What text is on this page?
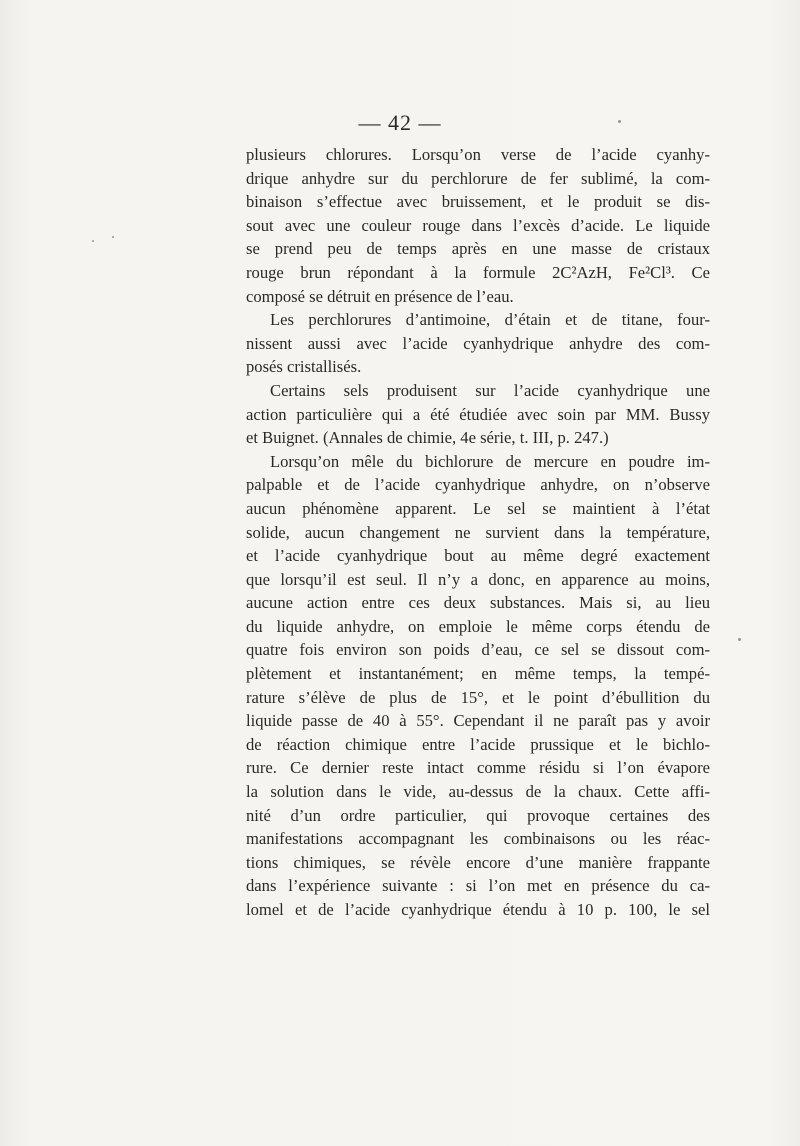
— 42 —
plusieurs chlorures. Lorsqu’on verse de l’acide cyanhy-
drique anhydre sur du perchlorure de fer sublimé, la com-
binaison s’effectue avec bruissement, et le produit se dis-
sout avec une couleur rouge dans l’excès d’acide. Le liquide
se prend peu de temps après en une masse de cristaux
rouge brun répondant à la formule 2C²AzH, Fe²Cl³. Ce
composé se détruit en présence de l’eau.
Les perchlorures d’antimoine, d’étain et de titane, four-
nissent aussi avec l’acide cyanhydrique anhydre des com-
posés cristallisés.
Certains sels produisent sur l’acide cyanhydrique une
action particulière qui a été étudiée avec soin par MM. Bussy
et Buignet. (Annales de chimie, 4e série, t. III, p. 247.)
Lorsqu’on mêle du bichlorure de mercure en poudre im-
palpable et de l’acide cyanhydrique anhydre, on n’observe
aucun phénomène apparent. Le sel se maintient à l’état
solide, aucun changement ne survient dans la température,
et l’acide cyanhydrique bout au même degré exactement
que lorsqu’il est seul. Il n’y a donc, en apparence au moins,
aucune action entre ces deux substances. Mais si, au lieu
du liquide anhydre, on emploie le même corps étendu de
quatre fois environ son poids d’eau, ce sel se dissout com-
plètement et instantanément; en même temps, la tempé-
rature s’élève de plus de 15°, et le point d’ébullition du
liquide passe de 40 à 55°. Cependant il ne paraît pas y avoir
de réaction chimique entre l’acide prussique et le bichlo-
rure. Ce dernier reste intact comme résidu si l’on évapore
la solution dans le vide, au-dessus de la chaux. Cette affi-
nité d’un ordre particulier, qui provoque certaines des
manifestations accompagnant les combinaisons ou les réac-
tions chimiques, se révèle encore d’une manière frappante
dans l’expérience suivante : si l’on met en présence du ca-
lomel et de l’acide cyanhydrique étendu à 10 p. 100, le sel
